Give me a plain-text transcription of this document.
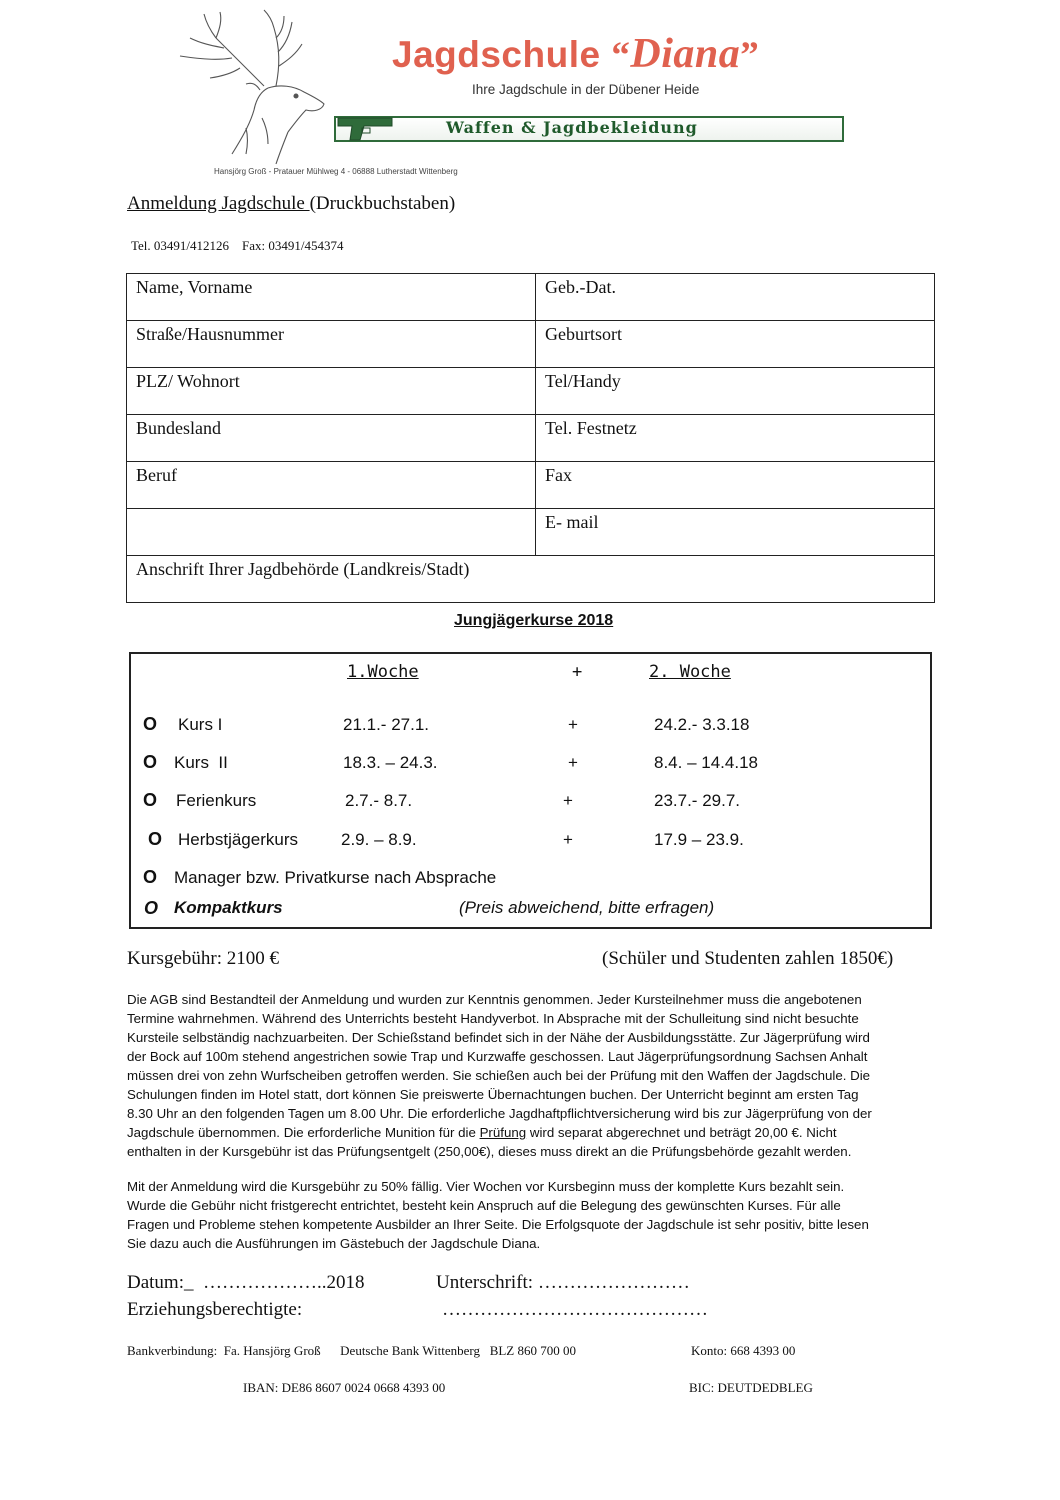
Jagdschule “Diana”
Ihre Jagdschule in der Dübener Heide
Hansjörg GROß
Waffen & Jagdbekleidung
Hansjörg Groß - Pratauer Mühlweg 4 - 06888 Lutherstadt Wittenberg
Anmeldung Jagdschule (Druckbuchstaben)
Tel. 03491/412126    Fax: 03491/454374
Name, Vorname	Geb.-Dat.
Straße/Hausnummer	Geburtsort
PLZ/ Wohnort	Tel/Handy
Bundesland	Tel. Festnetz
Beruf	Fax
	E- mail
Anschrift Ihrer Jagdbehörde (Landkreis/Stadt)	
Jungjägerkurse 2018
1.Woche	+	2. Woche
O Kurs I	21.1.- 27.1.	+	24.2.- 3.3.18
O Kurs  II	18.3. – 24.3.	+	8.4. – 14.4.18
O Ferienkurs	2.7.- 8.7.	+	23.7.- 29.7.
O Herbstjägerkurs	2.9. – 8.9.	+	17.9 – 23.9.
O Manager bzw. Privatkurse nach Absprache
O Kompaktkurs	(Preis abweichend, bitte erfragen)
Kursgebühr: 2100 €	(Schüler und Studenten zahlen 1850€)
Die AGB sind Bestandteil der Anmeldung und wurden zur Kenntnis genommen. Jeder Kursteilnehmer muss die angebotenen
Termine wahrnehmen. Während des Unterrichts besteht Handyverbot. In Absprache mit der Schulleitung sind nicht besuchte
Kursteile selbständig nachzuarbeiten. Der Schießstand befindet sich in der Nähe der Ausbildungsstätte. Zur Jägerprüfung wird
der Bock auf 100m stehend angestrichen sowie Trap und Kurzwaffe geschossen. Laut Jägerprüfungsordnung Sachsen Anhalt
müssen drei von zehn Wurfscheiben getroffen werden. Sie schießen auch bei der Prüfung mit den Waffen der Jagdschule. Die
Schulungen finden im Hotel statt, dort können Sie preiswerte Übernachtungen buchen. Der Unterricht beginnt am ersten Tag
8.30 Uhr an den folgenden Tagen um 8.00 Uhr. Die erforderliche Jagdhaftpflichtversicherung wird bis zur Jägerprüfung von der
Jagdschule übernommen. Die erforderliche Munition für die Prüfung wird separat abgerechnet und beträgt 20,00 €. Nicht
enthalten in der Kursgebühr ist das Prüfungsentgelt (250,00€), dieses muss direkt an die Prüfungsbehörde gezahlt werden.
Mit der Anmeldung wird die Kursgebühr zu 50% fällig. Vier Wochen vor Kursbeginn muss der komplette Kurs bezahlt sein.
Wurde die Gebühr nicht fristgerecht entrichtet, besteht kein Anspruch auf die Belegung des gewünschten Kurses. Für alle
Fragen und Probleme stehen kompetente Ausbilder an Ihrer Seite. Die Erfolgsquote der Jagdschule ist sehr positiv, bitte lesen
Sie dazu auch die Ausführungen im Gästebuch der Jagdschule Diana.
Datum:_  ………………..2018	Unterschrift: ……………………
Erziehungsberechtigte:	……………………………………
Bankverbindung:  Fa. Hansjörg Groß      Deutsche Bank Wittenberg   BLZ 860 700 00	Konto: 668 4393 00
IBAN: DE86 8607 0024 0668 4393 00	BIC: DEUTDEDBLEG
